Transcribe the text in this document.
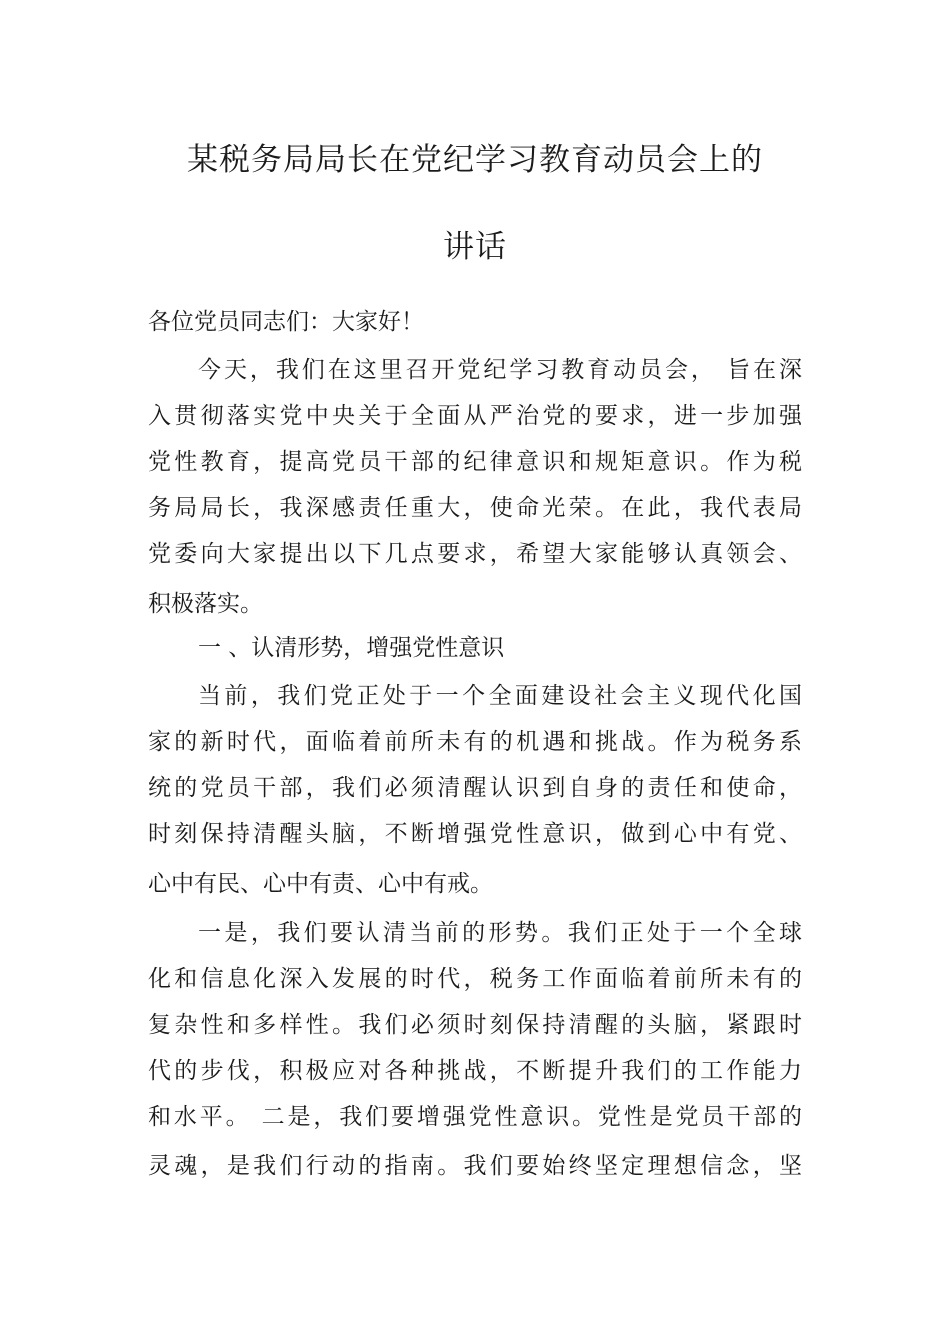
某税务局局长在党纪学习教育动员会上的
讲话
各位党员同志们：大家好！
今天，我们在这里召开党纪学习教育动员会， 旨在深
入贯彻落实党中央关于全面从严治党的要求，进一步加强
党性教育，提高党员干部的纪律意识和规矩意识。作为税
务局局长，我深感责任重大，使命光荣。在此，我代表局
党委向大家提出以下几点要求，希望大家能够认真领会、
积极落实。
一 、认清形势，增强党性意识
当前，我们党正处于一个全面建设社会主义现代化国
家的新时代，面临着前所未有的机遇和挑战。作为税务系
统的党员干部，我们必须清醒认识到自身的责任和使命，
时刻保持清醒头脑，不断增强党性意识，做到心中有党、
心中有民、心中有责、心中有戒。
一是，我们要认清当前的形势。我们正处于一个全球
化和信息化深入发展的时代，税务工作面临着前所未有的
复杂性和多样性。我们必须时刻保持清醒的头脑，紧跟时
代的步伐，积极应对各种挑战，不断提升我们的工作能力
和水平。 二是，我们要增强党性意识。党性是党员干部的
灵魂，是我们行动的指南。我们要始终坚定理想信念，坚
